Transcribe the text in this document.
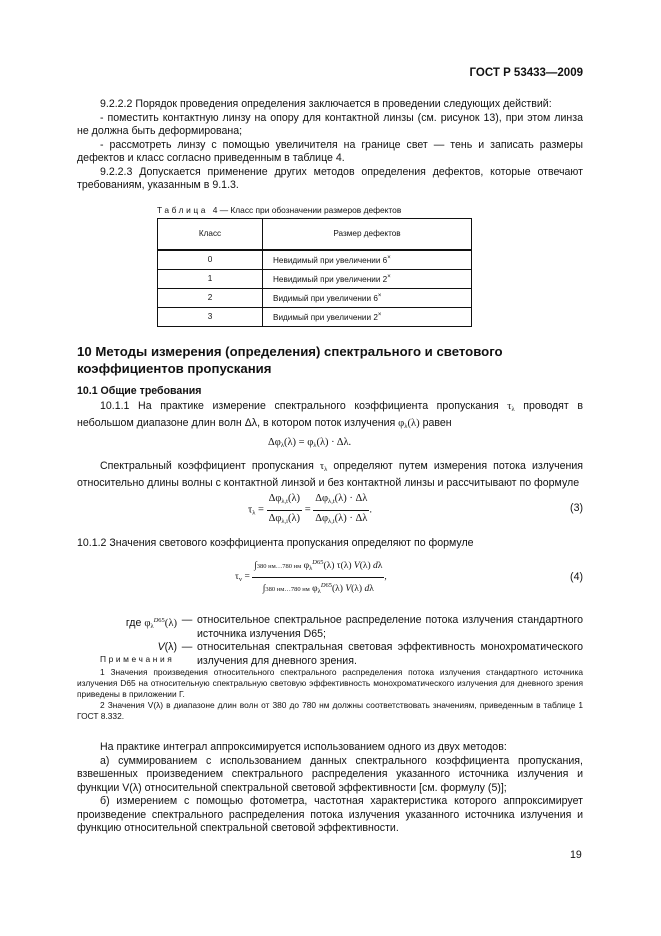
ГОСТ Р 53433—2009

9.2.2.2 Порядок проведения определения заключается в проведении следующих действий:

- поместить контактную линзу на опору для контактной линзы (см. рисунок 13), при этом линза не должна быть деформирована;

- рассмотреть линзу с помощью увеличителя на границе свет — тень и записать размеры дефектов и класс согласно приведенным в таблице 4.

9.2.2.3 Допускается применение других методов определения дефектов, которые отвечают требованиям, указанным в 9.1.3.

Таблица 4 — Класс при обозначении размеров дефектов
Класс	Размер дефектов
0	Невидимый при увеличении 6×
1	Невидимый при увеличении 2×
2	Видимый при увеличении 6×
3	Видимый при увеличении 2×
10 Методы измерения (определения) спектрального и светового коэффициентов пропускания
10.1 Общие требования

10.1.1 На практике измерение спектрального коэффициента пропускания $\tau_\lambda$ проводят в небольшом диапазоне длин волн Δλ, в котором поток излучения $\varphi_\lambda(\lambda)$ равен

$\Delta\varphi_\lambda(\lambda) = \varphi_\lambda(\lambda) \cdot \Delta\lambda$.

Спектральный коэффициент пропускания $\tau_\lambda$ определяют путем измерения потока излучения относительно длины волны с контактной линзой и без контактной линзы и рассчитывают по формуле

$\tau_\lambda = \frac{\Delta\varphi_{\lambda,t}(\lambda)}{\Delta\varphi_{\lambda,i}(\lambda)} = \frac{\Delta\varphi_{\lambda,t}(\lambda) \cdot \Delta\lambda}{\Delta\varphi_{\lambda,i}(\lambda) \cdot \Delta\lambda}$ .	(3)

10.1.2 Значения светового коэффициента пропускания определяют по формуле

$\tau_v = \frac{\int 380 нм\dots 780 нм \varphi_\lambda^{D65}(\lambda) \tau(\lambda) V(\lambda) d\lambda}{\int 380 нм\dots 780 нм \varphi_\lambda^{D65}(\lambda) V(\lambda) d\lambda}$ ,	(4)
где $\varphi_\lambda^{D65}(\lambda)$ — относительное спектральное распределение потока излучения стандартного источника излучения D65;
V(λ) — относительная спектральная световая эффективность монохроматического излучения для дневного зрения.
Примечания

1 Значения произведения относительного спектрального распределения потока излучения стандартного источника излучения D65 на относительную спектральную световую эффективность монохроматического излучения для дневного зрения приведены в приложении Г.

2 Значения V(λ) в диапазоне длин волн от 380 до 780 нм должны соответствовать значениям, приведенным в таблице 1 ГОСТ 8.332.

На практике интеграл аппроксимируется использованием одного из двух методов:

а) суммированием с использованием данных спектрального коэффициента пропускания, взвешенных произведением спектрального распределения указанного источника излучения и функции V(λ) относительной спектральной световой эффективности [см. формулу (5)];

б) измерением с помощью фотометра, частотная характеристика которого аппроксимирует произведение спектрального распределения потока излучения указанного источника излучения и функцию относительной спектральной световой эффективности.

19
